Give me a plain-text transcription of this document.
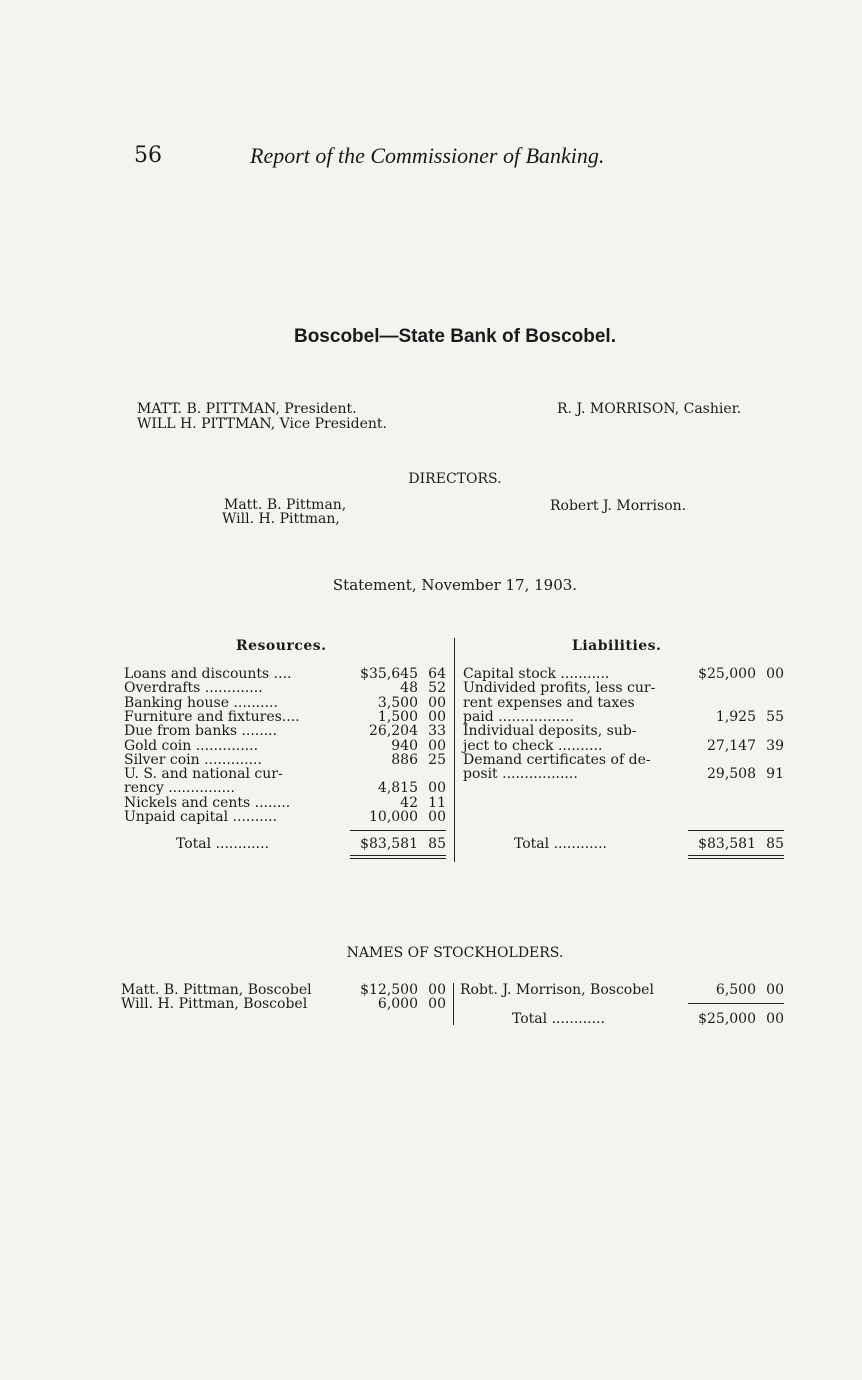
56	Report of the Commissioner of Banking.
Boscobel—State Bank of Boscobel.
MATT. B. PITTMAN, President.
WILL H. PITTMAN, Vice President.
R. J. MORRISON, Cashier.
DIRECTORS.
Matt. B. Pittman,
Will. H. Pittman,
Robert J. Morrison.
Statement, November 17, 1903.
Resources.
Loans and discounts ....	$35,645 64
Overdrafts .............	48 52
Banking house ..........	3,500 00
Furniture and fixtures....	1,500 00
Due from banks ........	26,204 33
Gold coin ..............	940 00
Silver coin .............	886 25
U. S. and national cur-
rency ...............	4,815 00
Nickels and cents ........	42 11
Unpaid capital ..........	10,000 00
Total ............	$83,581 85
Liabilities.
Capital stock ...........	$25,000 00
Undivided profits, less cur-
rent expenses and taxes
paid .................	1,925 55
Individual deposits, sub-
ject to check ..........	27,147 39
Demand certificates of de-
posit .................	29,508 91
Total ............	$83,581 85
NAMES OF STOCKHOLDERS.
Matt. B. Pittman, Boscobel	$12,500 00
Will. H. Pittman, Boscobel	6,000 00
Robt. J. Morrison, Boscobel	6,500 00
Total ............	$25,000 00
